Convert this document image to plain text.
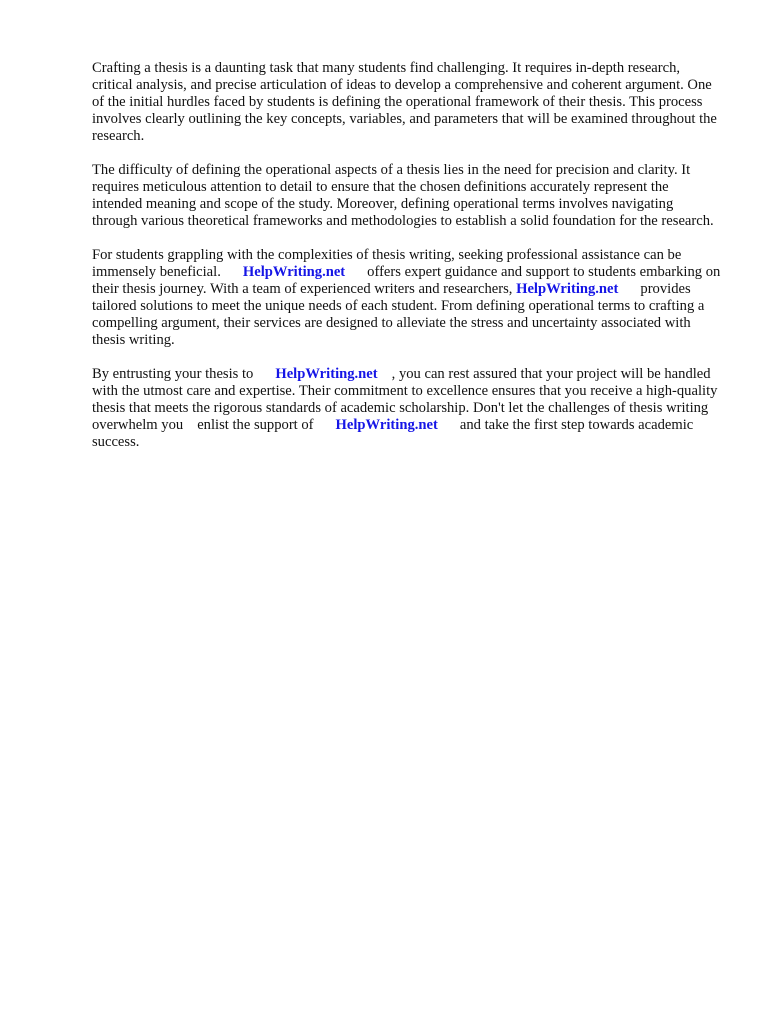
Crafting a thesis is a daunting task that many students find challenging. It requires in-depth research, critical analysis, and precise articulation of ideas to develop a comprehensive and coherent argument. One of the initial hurdles faced by students is defining the operational framework of their thesis. This process involves clearly outlining the key concepts, variables, and parameters that will be examined throughout the research.

The difficulty of defining the operational aspects of a thesis lies in the need for precision and clarity. It requires meticulous attention to detail to ensure that the chosen definitions accurately represent the intended meaning and scope of the study. Moreover, defining operational terms involves navigating through various theoretical frameworks and methodologies to establish a solid foundation for the research.

For students grappling with the complexities of thesis writing, seeking professional assistance can be immensely beneficial. HelpWriting.net offers expert guidance and support to students embarking on their thesis journey. With a team of experienced writers and researchers, HelpWriting.net provides tailored solutions to meet the unique needs of each student. From defining operational terms to crafting a compelling argument, their services are designed to alleviate the stress and uncertainty associated with thesis writing.

By entrusting your thesis to HelpWriting.net , you can rest assured that your project will be handled with the utmost care and expertise. Their commitment to excellence ensures that you receive a high-quality thesis that meets the rigorous standards of academic scholarship. Don't let the challenges of thesis writing overwhelm you enlist the support of HelpWriting.net and take the first step towards academic success.
